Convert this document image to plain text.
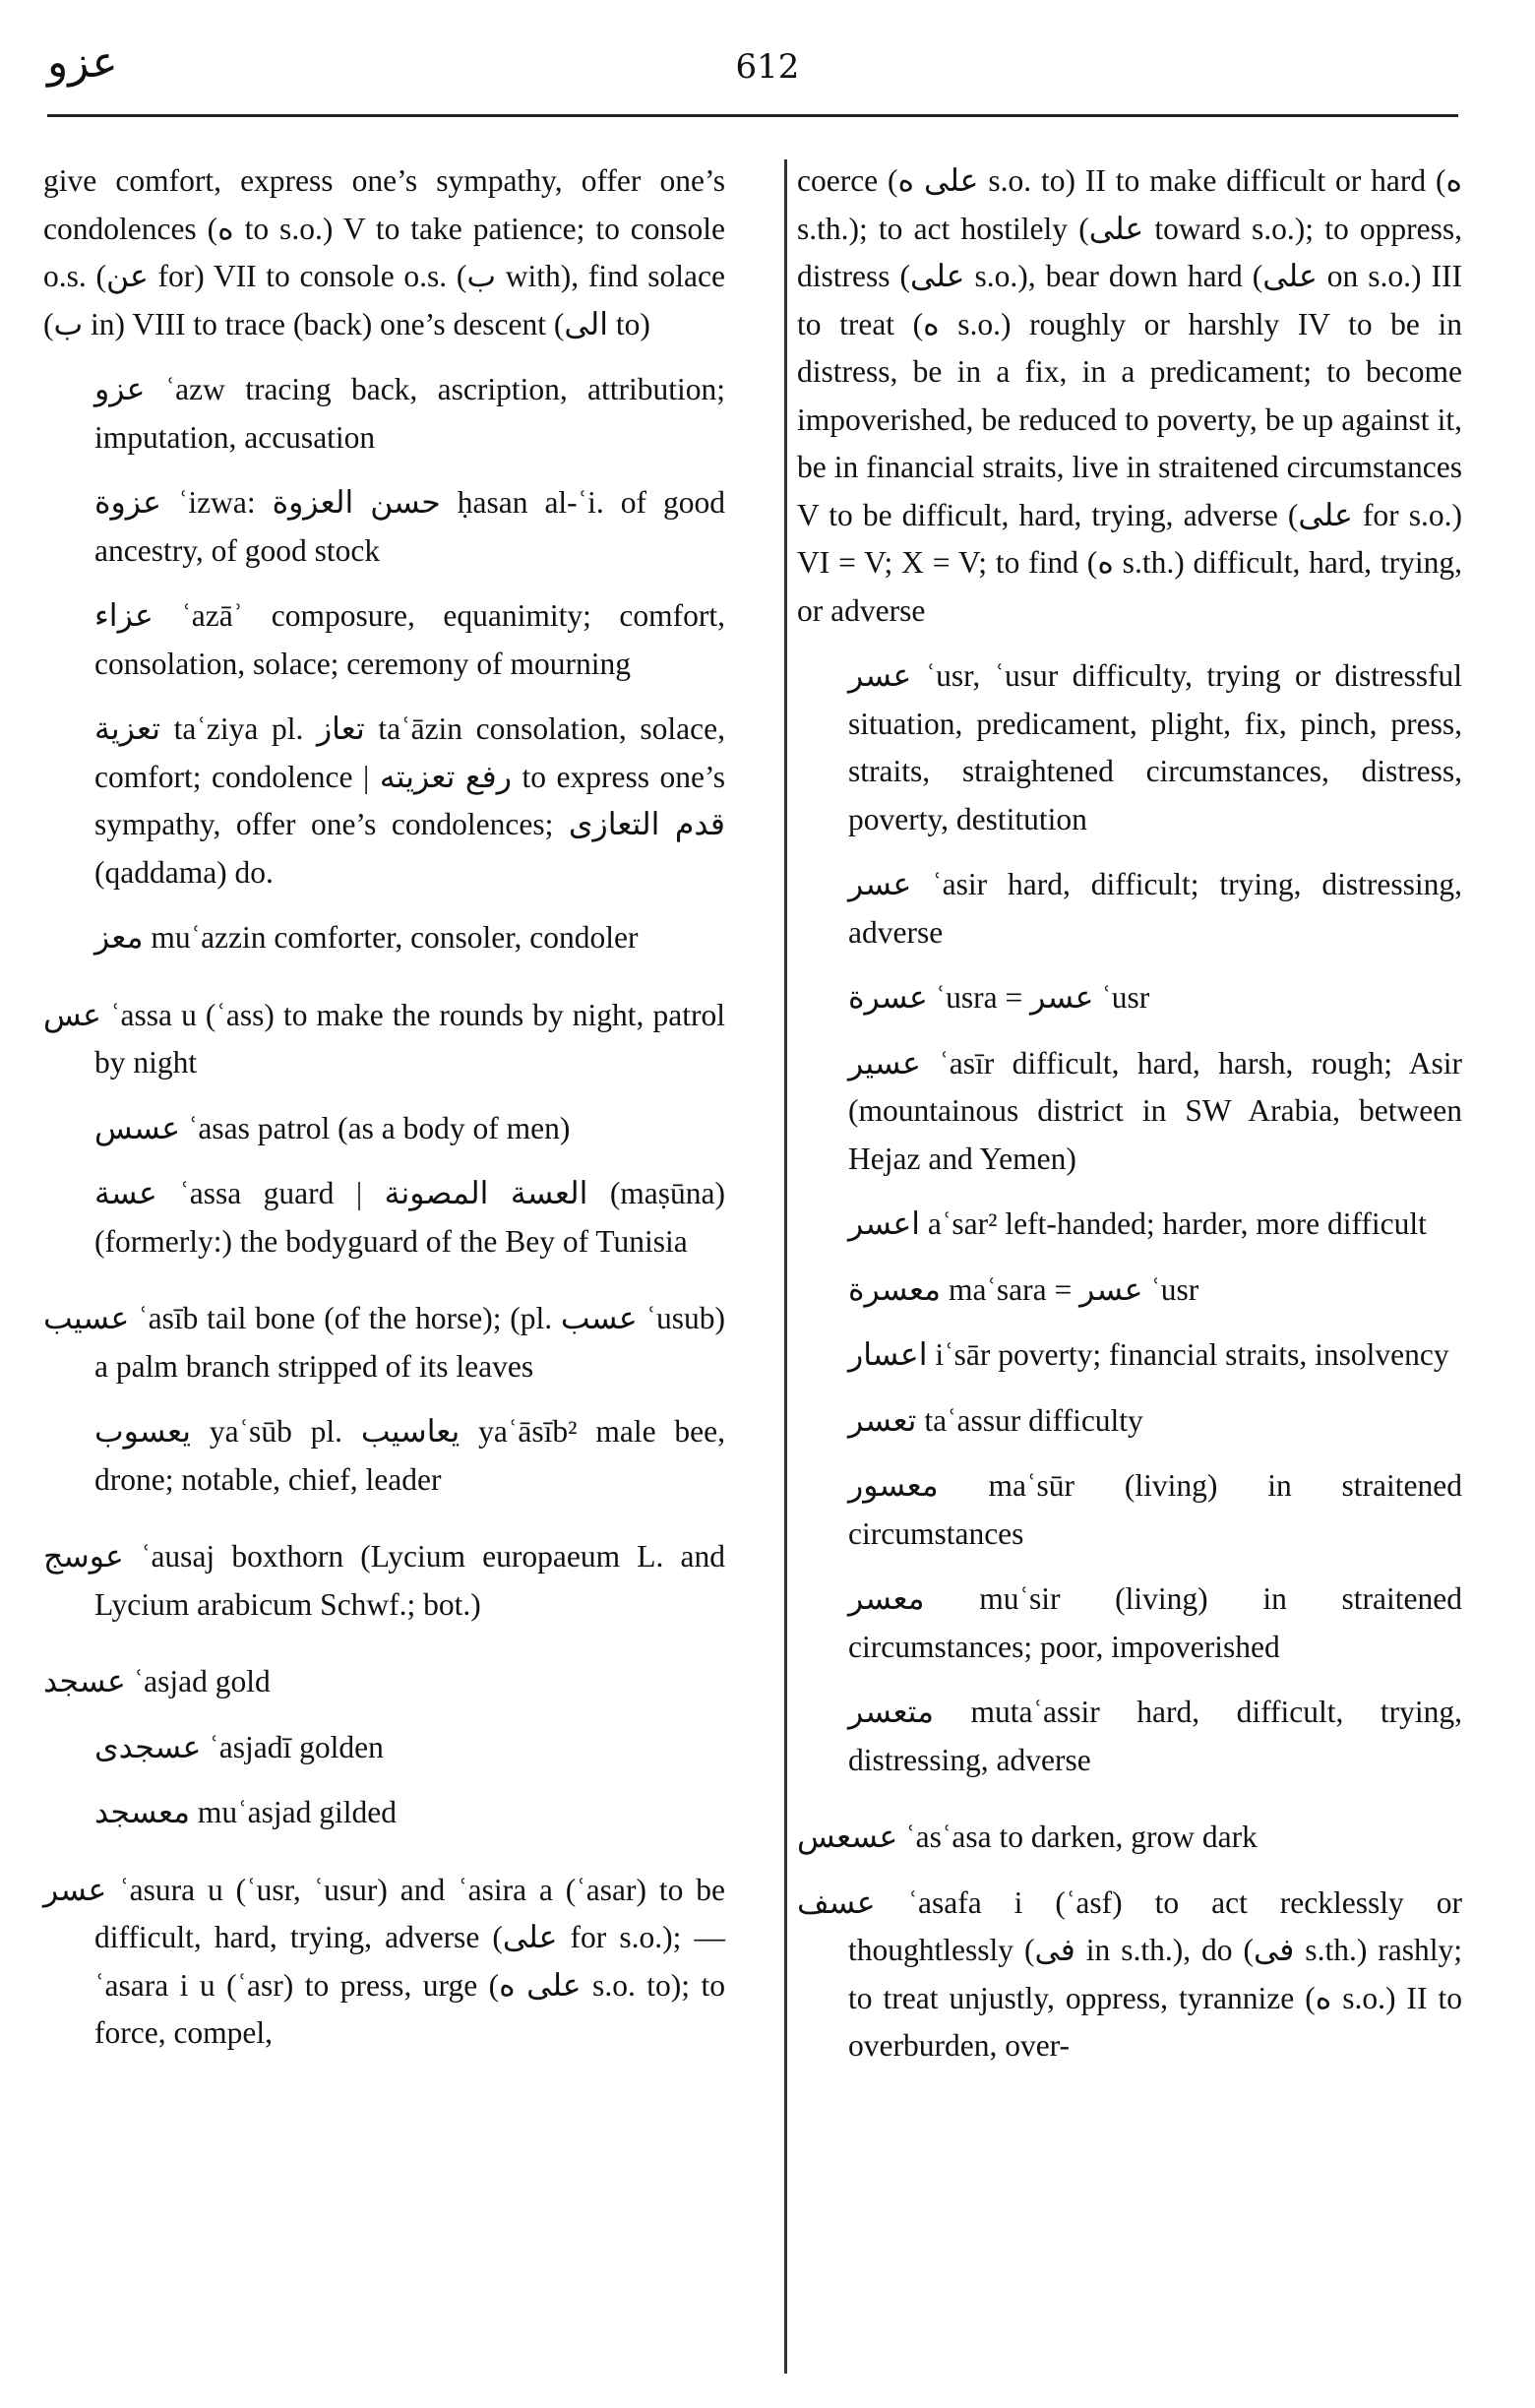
عزو	612
give comfort, express one’s sympathy, offer one’s condolences (ه to s.o.) V to take patience; to console o.s. (عن for) VII to console o.s. (ب with), find solace (ب in) VIII to trace (back) one’s descent (الى to)
عزو ʿazw tracing back, ascription, attribution; imputation, accusation
عزوة ʿizwa: حسن العزوة ḥasan al-ʿi. of good ancestry, of good stock
عزاء ʿazāʾ composure, equanimity; comfort, consolation, solace; ceremony of mourning
تعزية taʿziya pl. تعاز taʿāzin consolation, solace, comfort; condolence | رفع تعزيته to express one’s sympathy, offer one’s condolences; قدم التعازى (qaddama) do.
معز muʿazzin comforter, consoler, condoler
عس ʿassa u (ʿass) to make the rounds by night, patrol by night
عسس ʿasas patrol (as a body of men)
عسة ʿassa guard | العسة المصونة (maṣūna) (formerly:) the bodyguard of the Bey of Tunisia
عسيب ʿasīb tail bone (of the horse); (pl. عسب ʿusub) a palm branch stripped of its leaves
يعسوب yaʿsūb pl. يعاسيب yaʿāsīb² male bee, drone; notable, chief, leader
عوسج ʿausaj boxthorn (Lycium europaeum L. and Lycium arabicum Schwf.; bot.)
عسجد ʿasjad gold
عسجدى ʿasjadī golden
معسجد muʿasjad gilded
عسر ʿasura u (ʿusr, ʿusur) and ʿasira a (ʿasar) to be difficult, hard, trying, adverse (على for s.o.); — ʿasara i u (ʿasr) to press, urge (على ه s.o. to); to force, compel,
coerce (على ه s.o. to) II to make difficult or hard (ه s.th.); to act hostilely (على toward s.o.); to oppress, distress (على s.o.), bear down hard (على on s.o.) III to treat (ه s.o.) roughly or harshly IV to be in distress, be in a fix, in a predicament; to become impoverished, be reduced to poverty, be up against it, be in financial straits, live in straitened circumstances V to be difficult, hard, trying, adverse (على for s.o.) VI = V; X = V; to find (ه s.th.) difficult, hard, trying, or adverse
عسر ʿusr, ʿusur difficulty, trying or distressful situation, predicament, plight, fix, pinch, press, straits, straightened circumstances, distress, poverty, destitution
عسر ʿasir hard, difficult; trying, distressing, adverse
عسرة ʿusra = عسر ʿusr
عسير ʿasīr difficult, hard, harsh, rough; Asir (mountainous district in SW Arabia, between Hejaz and Yemen)
اعسر aʿsar² left-handed; harder, more difficult
معسرة maʿsara = عسر ʿusr
اعسار iʿsār poverty; financial straits, insolvency
تعسر taʿassur difficulty
معسور maʿsūr (living) in straitened circumstances
معسر muʿsir (living) in straitened circumstances; poor, impoverished
متعسر mutaʿassir hard, difficult, trying, distressing, adverse
عسعس ʿasʿasa to darken, grow dark
عسف ʿasafa i (ʿasf) to act recklessly or thoughtlessly (فى in s.th.), do (فى s.th.) rashly; to treat unjustly, oppress, tyrannize (ه s.o.) II to overburden, over-
